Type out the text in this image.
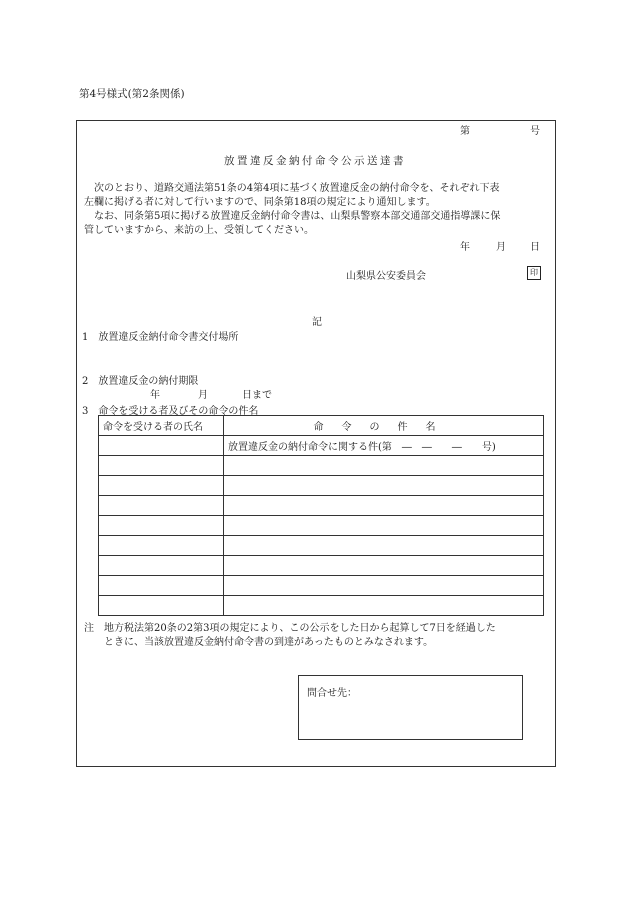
第4号様式(第2条関係)
第	号
放置違反金納付命令公示送達書
次のとおり、道路交通法第51条の4第4項に基づく放置違反金の納付命令を、それぞれ下表
左欄に掲げる者に対して行いますので、同条第18項の規定により通知します。
なお、同条第5項に掲げる放置違反金納付命令書は、山梨県警察本部交通部交通指導課に保
管していますから、来訪の上、受領してください。
年	月 日
山梨県公安委員会	印
記
1　放置違反金納付命令書交付場所
2　放置違反金の納付期限
年	月	日まで
3　命令を受ける者及びその命令の件名
命令を受ける者の氏名	命令の件名
	放置違反金の納付命令に関する件(第　―　―　　―　　号)

注　地方税法第20条の2第3項の規定により、この公示をした日から起算して7日を経過した
ときに、当該放置違反金納付命令書の到達があったものとみなされます。
問合せ先：
